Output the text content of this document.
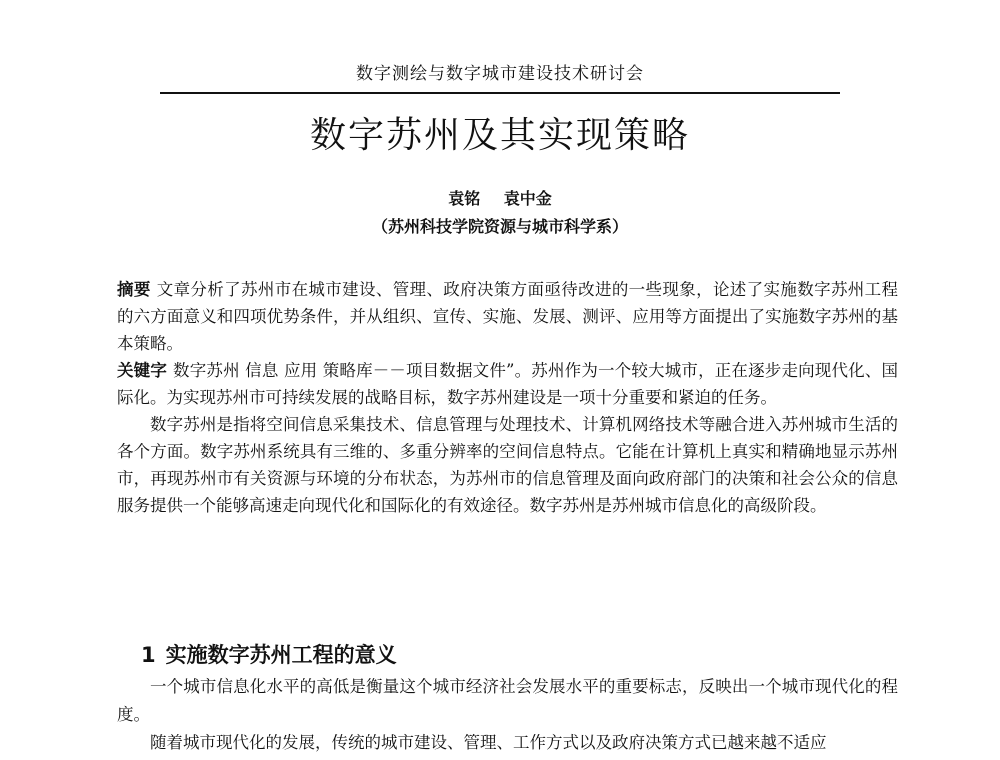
数字测绘与数字城市建设技术研讨会
数字苏州及其实现策略
袁铭 袁中金
（苏州科技学院资源与城市科学系）

摘要 文章分析了苏州市在城市建设、管理、政府决策方面亟待改进的一些现象，论述了实施数字苏州工程的六方面意义和四项优势条件，并从组织、宣传、实施、发展、测评、应用等方面提出了实施数字苏州的基本策略。

关键字 数字苏州 信息 应用 策略库－－项目数据文件”。苏州作为一个较大城市，正在逐步走向现代化、国际化。为实现苏州市可持续发展的战略目标，数字苏州建设是一项十分重要和紧迫的任务。

数字苏州是指将空间信息采集技术、信息管理与处理技术、计算机网络技术等融合进入苏州城市生活的各个方面。数字苏州系统具有三维的、多重分辨率的空间信息特点。它能在计算机上真实和精确地显示苏州市，再现苏州市有关资源与环境的分布状态，为苏州市的信息管理及面向政府部门的决策和社会公众的信息服务提供一个能够高速走向现代化和国际化的有效途径。数字苏州是苏州城市信息化的高级阶段。

1 实施数字苏州工程的意义

一个城市信息化水平的高低是衡量这个城市经济社会发展水平的重要标志，反映出一个城市现代化的程度。

随着城市现代化的发展，传统的城市建设、管理、工作方式以及政府决策方式已越来越不适应
